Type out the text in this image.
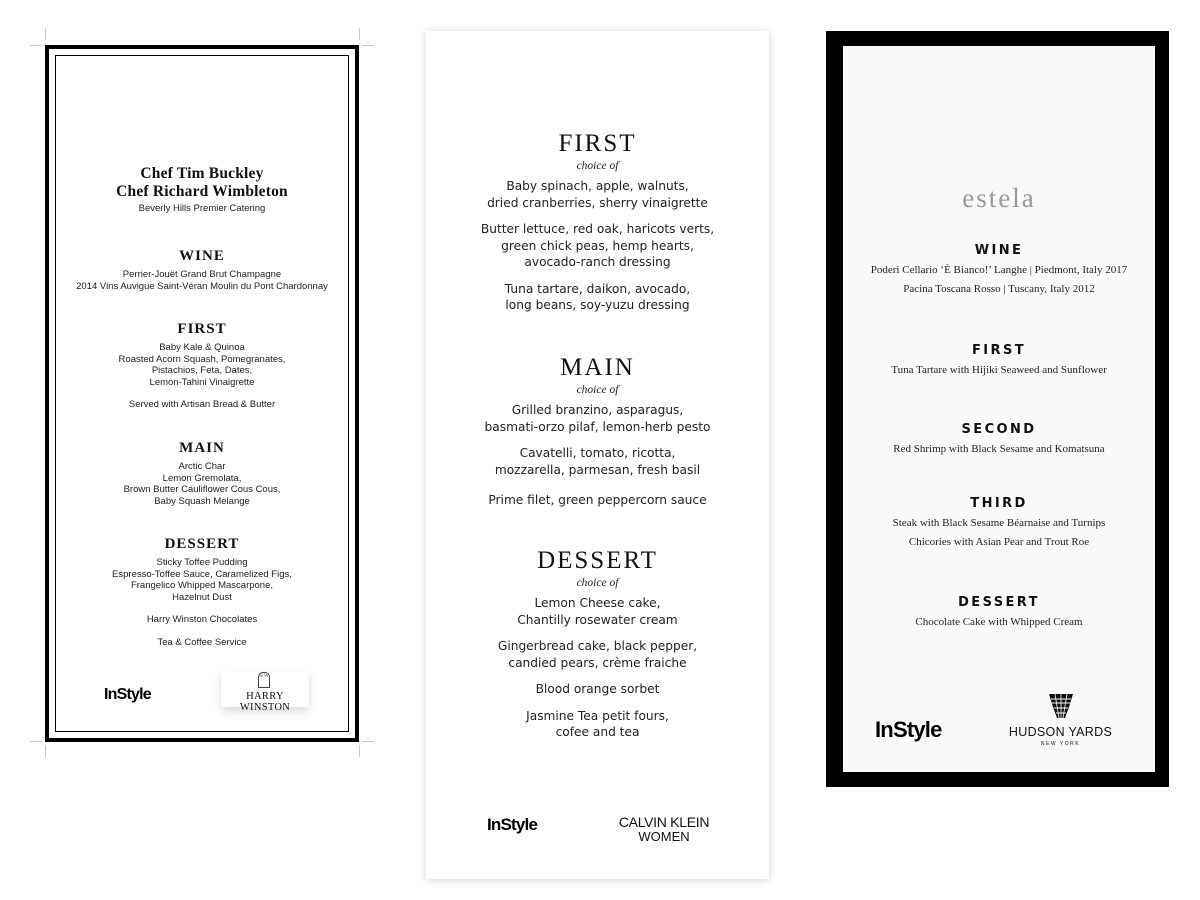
Chef Tim Buckley
Chef Richard Wimbleton
Beverly Hills Premier Catering
WINE
Perrier-Jouët Grand Brut Champagne
2014 Vins Auvigue Saint-Véran Moulin du Pont Chardonnay
FIRST
Baby Kale & Quinoa
Roasted Acorn Squash, Pomegranates,
Pistachios, Feta, Dates,
Lemon-Tahini Vinaigrette
Served with Artisan Bread & Butter
MAIN
Arctic Char
Lemon Gremolata,
Brown Butter Cauliflower Cous Cous,
Baby Squash Melange
DESSERT
Sticky Toffee Pudding
Espresso-Toffee Sauce, Caramelized Figs,
Frangelico Whipped Mascarpone,
Hazelnut Dust
Harry Winston Chocolates
Tea & Coffee Service
InStyle
H W
HARRY WINSTON
FIRST
choice of
Baby spinach, apple, walnuts,
dried cranberries, sherry vinaigrette
Butter lettuce, red oak, haricots verts,
green chick peas, hemp hearts,
avocado-ranch dressing
Tuna tartare, daikon, avocado,
long beans, soy-yuzu dressing
MAIN
choice of
Grilled branzino, asparagus,
basmati-orzo pilaf, lemon-herb pesto
Cavatelli, tomato, ricotta,
mozzarella, parmesan, fresh basil
Prime filet, green peppercorn sauce
DESSERT
choice of
Lemon Cheese cake,
Chantilly rosewater cream
Gingerbread cake, black pepper,
candied pears, crème fraiche
Blood orange sorbet
Jasmine Tea petit fours,
cofee and tea
InStyle	CALVIN KLEIN
WOMEN
estela
WINE
Poderi Cellario ‘È Bianco!’ Langhe | Piedmont, Italy 2017
Pacina Toscana Rosso | Tuscany, Italy 2012
FIRST
Tuna Tartare with Hijiki Seaweed and Sunflower
SECOND
Red Shrimp with Black Sesame and Komatsuna
THIRD
Steak with Black Sesame Béarnaise and Turnips
Chicories with Asian Pear and Trout Roe
DESSERT
Chocolate Cake with Whipped Cream
InStyle	HUDSON YARDS
NEW YORK
